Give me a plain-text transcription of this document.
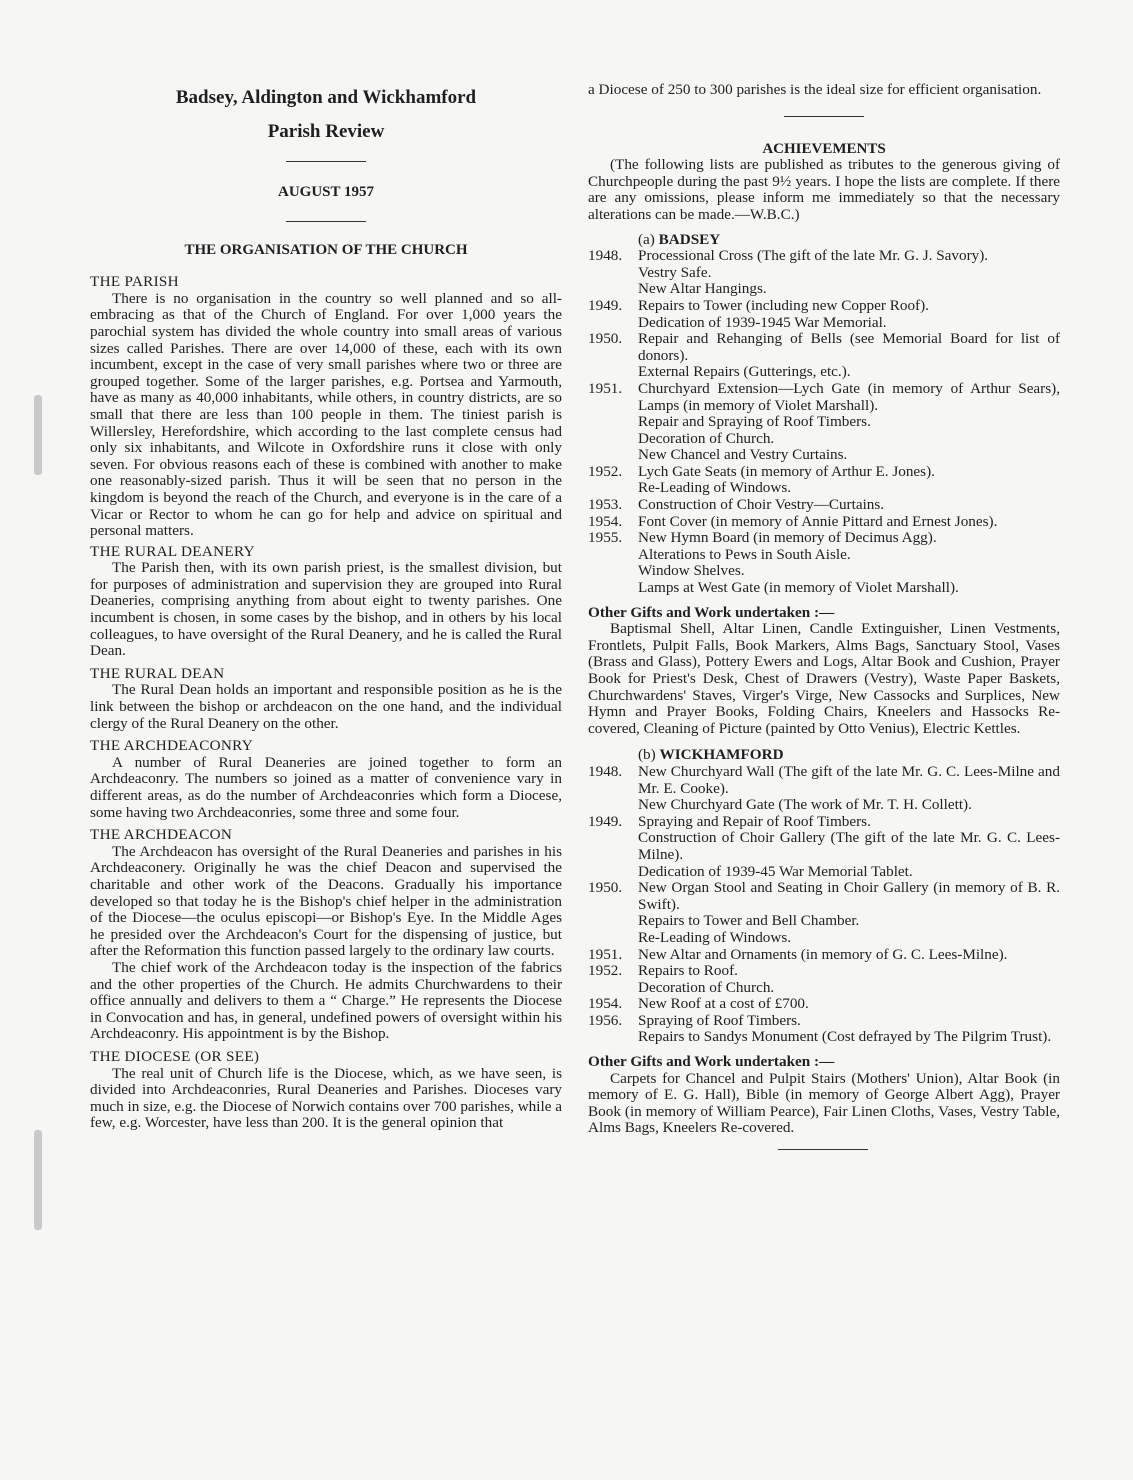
Badsey, Aldington and Wickhamford

Parish Review

AUGUST 1957

THE ORGANISATION OF THE CHURCH

THE PARISH

There is no organisation in the country so well planned and so all-embracing as that of the Church of England. For over 1,000 years the parochial system has divided the whole country into small areas of various sizes called Parishes. There are over 14,000 of these, each with its own incumbent, except in the case of very small parishes where two or three are grouped together. Some of the larger parishes, e.g. Portsea and Yarmouth, have as many as 40,000 inhabitants, while others, in country districts, are so small that there are less than 100 people in them. The tiniest parish is Willersley, Herefordshire, which according to the last complete census had only six inhabitants, and Wilcote in Oxfordshire runs it close with only seven. For obvious reasons each of these is combined with another to make one reasonably-sized parish. Thus it will be seen that no person in the kingdom is beyond the reach of the Church, and everyone is in the care of a Vicar or Rector to whom he can go for help and advice on spiritual and personal matters.

THE RURAL DEANERY

The Parish then, with its own parish priest, is the smallest division, but for purposes of administration and supervision they are grouped into Rural Deaneries, comprising anything from about eight to twenty parishes. One incumbent is chosen, in some cases by the bishop, and in others by his local colleagues, to have oversight of the Rural Deanery, and he is called the Rural Dean.

THE RURAL DEAN

The Rural Dean holds an important and responsible position as he is the link between the bishop or archdeacon on the one hand, and the individual clergy of the Rural Deanery on the other.

THE ARCHDEACONRY

A number of Rural Deaneries are joined together to form an Archdeaconry. The numbers so joined as a matter of convenience vary in different areas, as do the number of Archdeaconries which form a Diocese, some having two Archdeaconries, some three and some four.

THE ARCHDEACON

The Archdeacon has oversight of the Rural Deaneries and parishes in his Archdeaconery. Originally he was the chief Deacon and supervised the charitable and other work of the Deacons. Gradually his importance developed so that today he is the Bishop's chief helper in the administration of the Diocese—the oculus episcopi—or Bishop's Eye. In the Middle Ages he presided over the Archdeacon's Court for the dispensing of justice, but after the Reformation this function passed largely to the ordinary law courts.

The chief work of the Archdeacon today is the inspection of the fabrics and the other properties of the Church. He admits Churchwardens to their office annually and delivers to them a “ Charge.” He represents the Diocese in Convocation and has, in general, undefined powers of oversight within his Archdeaconry. His appointment is by the Bishop.

THE DIOCESE (OR SEE)

The real unit of Church life is the Diocese, which, as we have seen, is divided into Archdeaconries, Rural Deaneries and Parishes. Dioceses vary much in size, e.g. the Diocese of Norwich contains over 700 parishes, while a few, e.g. Worcester, have less than 200. It is the general opinion that

a Diocese of 250 to 300 parishes is the ideal size for efficient organisation.

ACHIEVEMENTS

(The following lists are published as tributes to the generous giving of Churchpeople during the past 9½ years. I hope the lists are complete. If there are any omissions, please inform me immediately so that the necessary alterations can be made.—W.B.C.)

(a) BADSEY

1948.	Processional Cross (The gift of the late Mr. G. J. Savory).

Vestry Safe.

New Altar Hangings.

1949.	Repairs to Tower (including new Copper Roof).

Dedication of 1939-1945 War Memorial.

1950.	Repair and Rehanging of Bells (see Memorial Board for list of donors).

External Repairs (Gutterings, etc.).

1951.	Churchyard Extension—Lych Gate (in memory of Arthur Sears), Lamps (in memory of Violet Marshall).

Repair and Spraying of Roof Timbers.

Decoration of Church.

New Chancel and Vestry Curtains.

1952.	Lych Gate Seats (in memory of Arthur E. Jones).

Re-Leading of Windows.

1953.	Construction of Choir Vestry—Curtains.

1954.	Font Cover (in memory of Annie Pittard and Ernest Jones).

1955.	New Hymn Board (in memory of Decimus Agg).

Alterations to Pews in South Aisle.

Window Shelves.

Lamps at West Gate (in memory of Violet Marshall).

Other Gifts and Work undertaken :—

Baptismal Shell, Altar Linen, Candle Extinguisher, Linen Vestments, Frontlets, Pulpit Falls, Book Markers, Alms Bags, Sanctuary Stool, Vases (Brass and Glass), Pottery Ewers and Logs, Altar Book and Cushion, Prayer Book for Priest's Desk, Chest of Drawers (Vestry), Waste Paper Baskets, Churchwardens' Staves, Virger's Virge, New Cassocks and Surplices, New Hymn and Prayer Books, Folding Chairs, Kneelers and Hassocks Re-covered, Cleaning of Picture (painted by Otto Venius), Electric Kettles.

(b) WICKHAMFORD

1948.	New Churchyard Wall (The gift of the late Mr. G. C. Lees-Milne and Mr. E. Cooke).

New Churchyard Gate (The work of Mr. T. H. Collett).

1949.	Spraying and Repair of Roof Timbers.

Construction of Choir Gallery (The gift of the late Mr. G. C. Lees-Milne).

Dedication of 1939-45 War Memorial Tablet.

1950.	New Organ Stool and Seating in Choir Gallery (in memory of B. R. Swift).

Repairs to Tower and Bell Chamber.

Re-Leading of Windows.

1951.	New Altar and Ornaments (in memory of G. C. Lees-Milne).

1952.	Repairs to Roof.

Decoration of Church.

1954.	New Roof at a cost of £700.

1956.	Spraying of Roof Timbers.

Repairs to Sandys Monument (Cost defrayed by The Pilgrim Trust).

Other Gifts and Work undertaken :—

Carpets for Chancel and Pulpit Stairs (Mothers' Union), Altar Book (in memory of E. G. Hall), Bible (in memory of George Albert Agg), Prayer Book (in memory of William Pearce), Fair Linen Cloths, Vases, Vestry Table, Alms Bags, Kneelers Re-covered.
